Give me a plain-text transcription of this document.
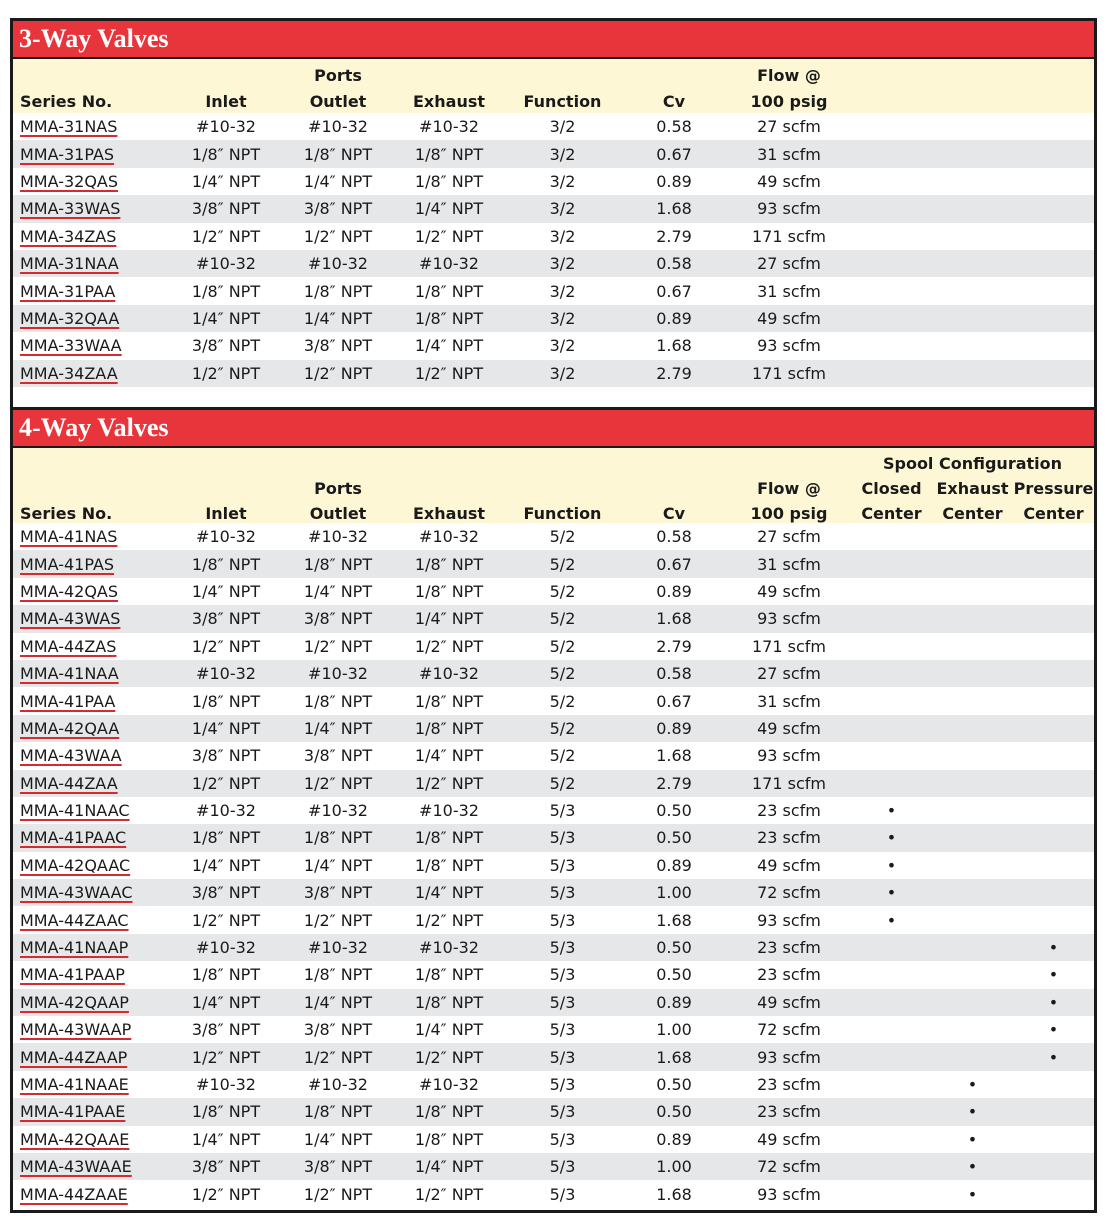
3-Way Valves
		Ports				Flow @	
Series No.	Inlet	Outlet	Exhaust	Function	Cv	100 psig	
MMA-31NAS	#10-32	#10-32	#10-32	3/2	0.58	27 scfm	
MMA-31PAS	1/8″ NPT	1/8″ NPT	1/8″ NPT	3/2	0.67	31 scfm	
MMA-32QAS	1/4″ NPT	1/4″ NPT	1/8″ NPT	3/2	0.89	49 scfm	
MMA-33WAS	3/8″ NPT	3/8″ NPT	1/4″ NPT	3/2	1.68	93 scfm	
MMA-34ZAS	1/2″ NPT	1/2″ NPT	1/2″ NPT	3/2	2.79	171 scfm	
MMA-31NAA	#10-32	#10-32	#10-32	3/2	0.58	27 scfm	
MMA-31PAA	1/8″ NPT	1/8″ NPT	1/8″ NPT	3/2	0.67	31 scfm	
MMA-32QAA	1/4″ NPT	1/4″ NPT	1/8″ NPT	3/2	0.89	49 scfm	
MMA-33WAA	3/8″ NPT	3/8″ NPT	1/4″ NPT	3/2	1.68	93 scfm	
MMA-34ZAA	1/2″ NPT	1/2″ NPT	1/2″ NPT	3/2	2.79	171 scfm	
4-Way Valves
							Spool Configuration		
		Ports				Flow @	Closed	Exhaust	Pressure
Series No.	Inlet	Outlet	Exhaust	Function	Cv	100 psig	Center	Center	Center
MMA-41NAS	#10-32	#10-32	#10-32	5/2	0.58	27 scfm			
MMA-41PAS	1/8″ NPT	1/8″ NPT	1/8″ NPT	5/2	0.67	31 scfm			
MMA-42QAS	1/4″ NPT	1/4″ NPT	1/8″ NPT	5/2	0.89	49 scfm			
MMA-43WAS	3/8″ NPT	3/8″ NPT	1/4″ NPT	5/2	1.68	93 scfm			
MMA-44ZAS	1/2″ NPT	1/2″ NPT	1/2″ NPT	5/2	2.79	171 scfm			
MMA-41NAA	#10-32	#10-32	#10-32	5/2	0.58	27 scfm			
MMA-41PAA	1/8″ NPT	1/8″ NPT	1/8″ NPT	5/2	0.67	31 scfm			
MMA-42QAA	1/4″ NPT	1/4″ NPT	1/8″ NPT	5/2	0.89	49 scfm			
MMA-43WAA	3/8″ NPT	3/8″ NPT	1/4″ NPT	5/2	1.68	93 scfm			
MMA-44ZAA	1/2″ NPT	1/2″ NPT	1/2″ NPT	5/2	2.79	171 scfm			
MMA-41NAAC	#10-32	#10-32	#10-32	5/3	0.50	23 scfm	•		
MMA-41PAAC	1/8″ NPT	1/8″ NPT	1/8″ NPT	5/3	0.50	23 scfm	•		
MMA-42QAAC	1/4″ NPT	1/4″ NPT	1/8″ NPT	5/3	0.89	49 scfm	•		
MMA-43WAAC	3/8″ NPT	3/8″ NPT	1/4″ NPT	5/3	1.00	72 scfm	•		
MMA-44ZAAC	1/2″ NPT	1/2″ NPT	1/2″ NPT	5/3	1.68	93 scfm	•		
MMA-41NAAP	#10-32	#10-32	#10-32	5/3	0.50	23 scfm			•
MMA-41PAAP	1/8″ NPT	1/8″ NPT	1/8″ NPT	5/3	0.50	23 scfm			•
MMA-42QAAP	1/4″ NPT	1/4″ NPT	1/8″ NPT	5/3	0.89	49 scfm			•
MMA-43WAAP	3/8″ NPT	3/8″ NPT	1/4″ NPT	5/3	1.00	72 scfm			•
MMA-44ZAAP	1/2″ NPT	1/2″ NPT	1/2″ NPT	5/3	1.68	93 scfm			•
MMA-41NAAE	#10-32	#10-32	#10-32	5/3	0.50	23 scfm		•	
MMA-41PAAE	1/8″ NPT	1/8″ NPT	1/8″ NPT	5/3	0.50	23 scfm		•	
MMA-42QAAE	1/4″ NPT	1/4″ NPT	1/8″ NPT	5/3	0.89	49 scfm		•	
MMA-43WAAE	3/8″ NPT	3/8″ NPT	1/4″ NPT	5/3	1.00	72 scfm		•	
MMA-44ZAAE	1/2″ NPT	1/2″ NPT	1/2″ NPT	5/3	1.68	93 scfm		•	
